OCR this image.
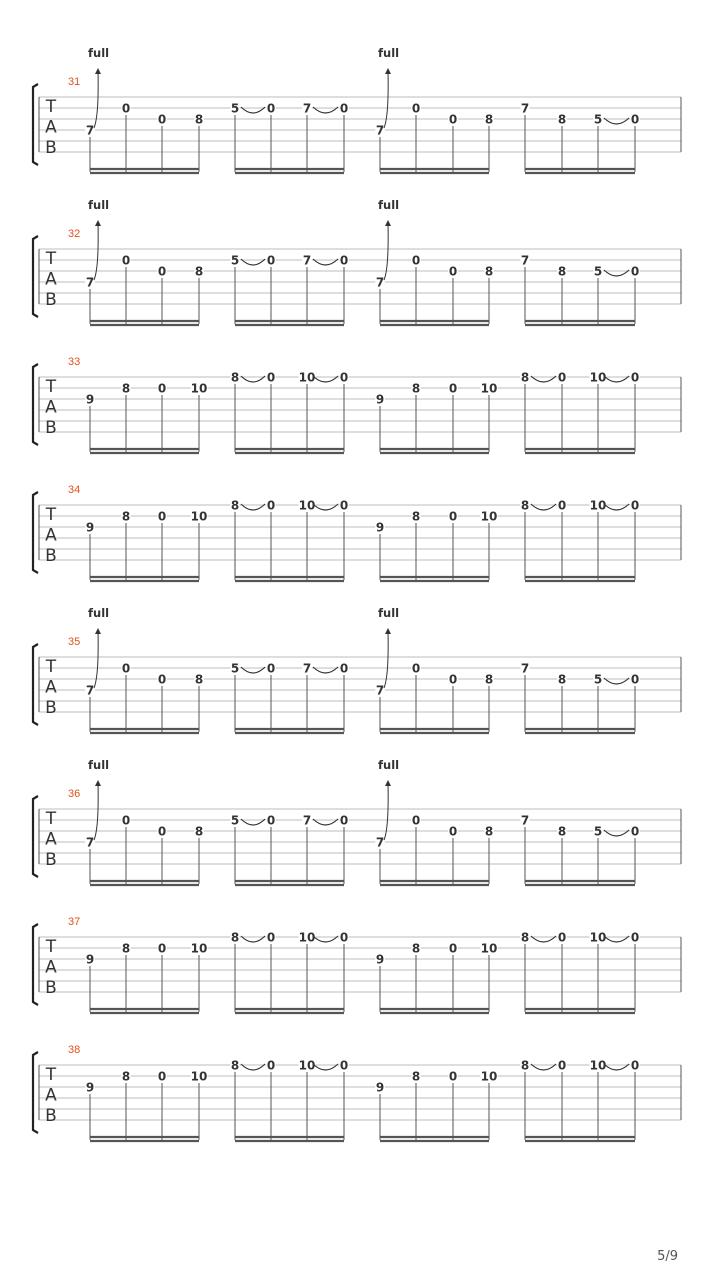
T
A
B
31
7
full
0
0 8
5 0 7 0
7
full
0
0 8
7
8 5 0
T
A
B
32
7
full
0
0 8
5 0 7 0
7
full
0
0 8
7
8 5 0
T
A
B
33
9
8 0 10
8 0 10 0
9
8 0 10
8 0 10 0
T
A
B
34
9
8 0 10
8 0 10 0
9
8 0 10
8 0 10 0
T
A
B
35
7
full
0
0 8
5 0 7 0
7
full
0
0 8
7
8 5 0
T
A
B
36
7
full
0
0 8
5 0 7 0
7
full
0
0 8
7
8 5 0
T
A
B
37
9
8 0 10
8 0 10 0
9
8 0 10
8 0 10 0
T
A
B
38
9
8 0 10
8 0 10 0
9
8 0 10
8 0 10 0
5/9
